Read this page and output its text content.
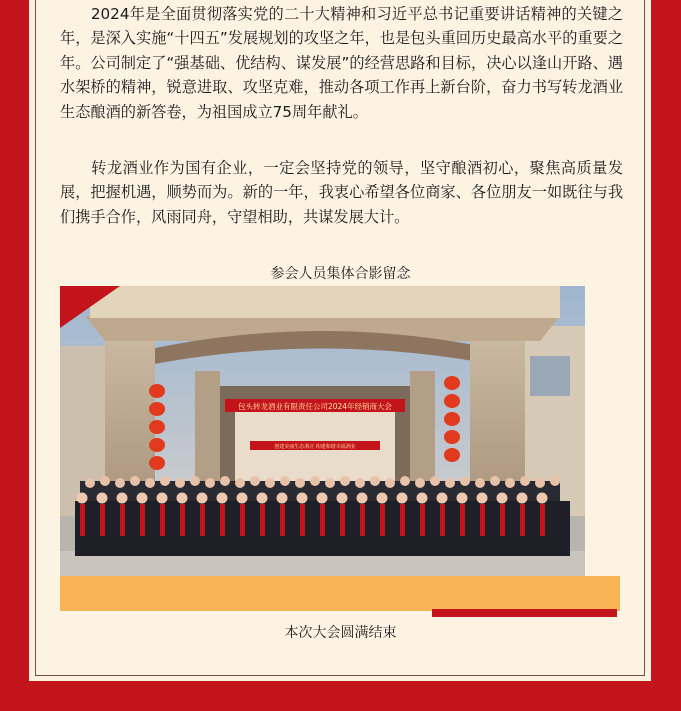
　　2024年是全面贯彻落实党的二十大精神和习近平总书记重要讲话精神的关键之年，是深入实施“十四五”发展规划的攻坚之年，也是包头重回历史最高水平的重要之年。公司制定了“强基础、优结构、谋发展”的经营思路和目标，决心以逢山开路、遇水架桥的精神，锐意进取、攻坚克难，推动各项工作再上新台阶，奋力书写转龙酒业生态酿酒的新答卷，为祖国成立75周年献礼。

　　转龙酒业作为国有企业，一定会坚持党的领导，坚守酿酒初心，聚焦高质量发展，把握机遇，顺势而为。新的一年，我衷心希望各位商家、各位朋友一如既往与我们携手合作，风雨同舟，守望相助，共谋发展大计。

参会人员集体合影留念
包头转龙酒业有限责任公司2024年经销商大会
创建美丽生态酒庄 构建和谐幸福酒业
本次大会圆满结束
